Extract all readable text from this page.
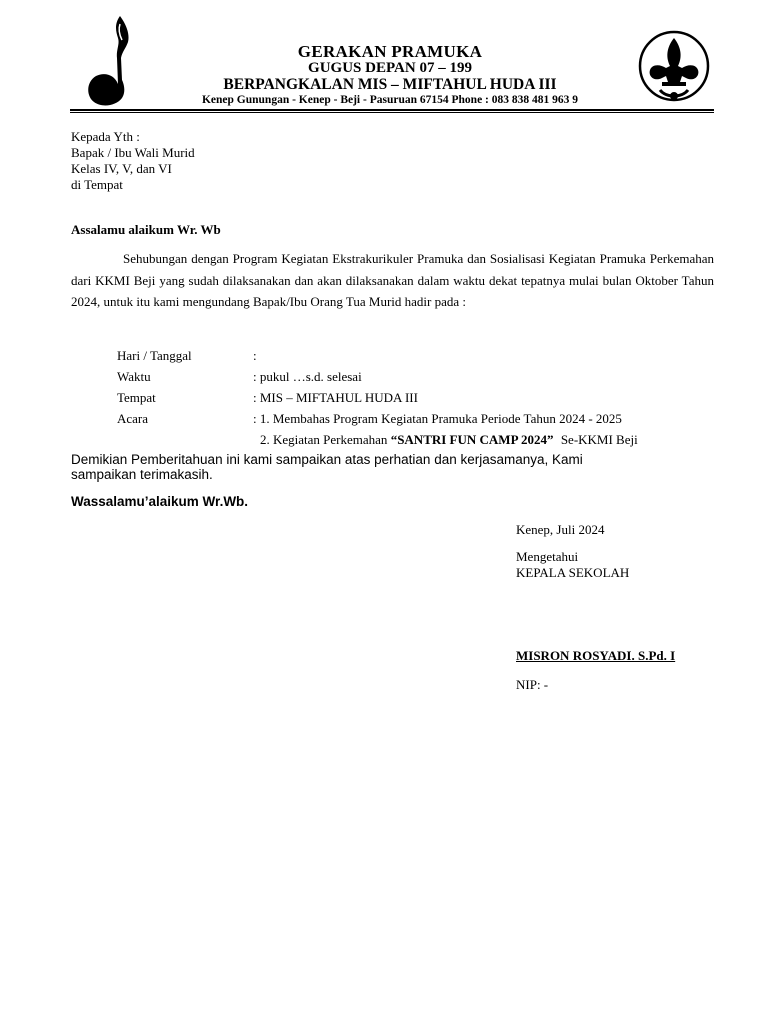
GERAKAN PRAMUKA
GUGUS DEPAN 07 – 199
BERPANGKALAN MIS – MIFTAHUL HUDA III
Kenep Gunungan - Kenep - Beji - Pasuruan 67154 Phone : 083 838 481 963 9
Kepada Yth :
Bapak / Ibu Wali Murid
Kelas IV, V, dan VI
di Tempat
Assalamu alaikum Wr. Wb
Sehubungan dengan Program Kegiatan Ekstrakurikuler Pramuka dan Sosialisasi Kegiatan Pramuka Perkemahan dari KKMI Beji yang sudah dilaksanakan dan akan dilaksanakan dalam waktu dekat tepatnya mulai bulan Oktober Tahun 2024, untuk itu kami mengundang Bapak/Ibu Orang Tua Murid hadir pada :
Hari / Tanggal	:
Waktu	: pukul …s.d. selesai
Tempat	: MIS – MIFTAHUL HUDA III
Acara	: 1. Membahas Program Kegiatan Pramuka Periode Tahun 2024 - 2025
2. Kegiatan Perkemahan “SANTRI FUN CAMP 2024” Se-KKMI Beji
Demikian Pemberitahuan ini kami sampaikan atas perhatian dan kerjasamanya, Kami
sampaikan terimakasih.
Wassalamu’alaikum Wr.Wb.
Kenep, Juli 2024
Mengetahui
KEPALA SEKOLAH
MISRON ROSYADI. S.Pd. I
NIP: -
